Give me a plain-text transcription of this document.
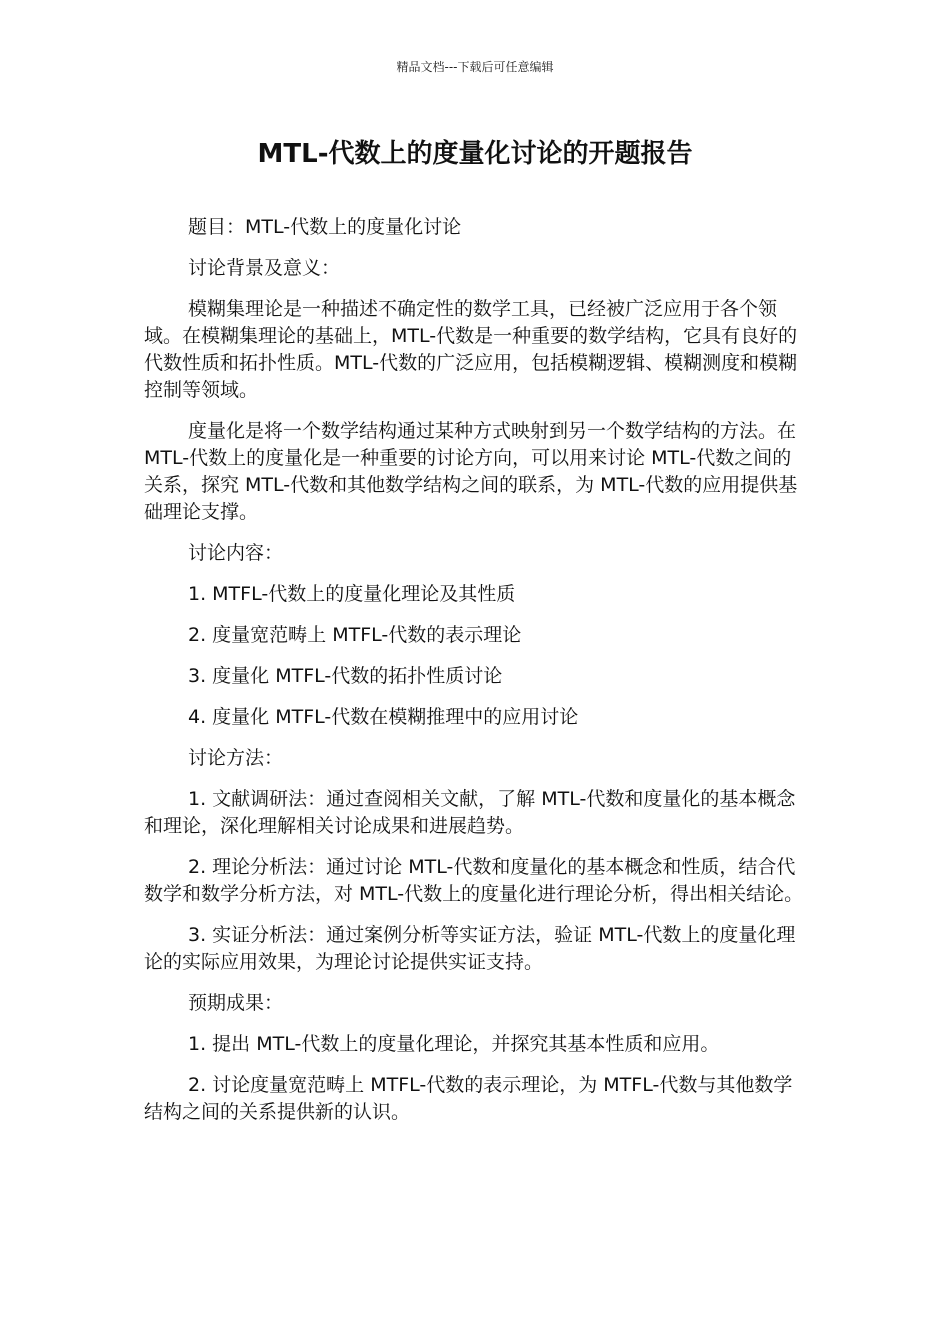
精品文档---下载后可任意编辑
MTL-代数上的度量化讨论的开题报告

题目：MTL-代数上的度量化讨论

讨论背景及意义：

模糊集理论是一种描述不确定性的数学工具，已经被广泛应用于各个领域。在模糊集理论的基础上，MTL-代数是一种重要的数学结构，它具有良好的代数性质和拓扑性质。MTL-代数的广泛应用，包括模糊逻辑、模糊测度和模糊控制等领域。

度量化是将一个数学结构通过某种方式映射到另一个数学结构的方法。在 MTL-代数上的度量化是一种重要的讨论方向，可以用来讨论 MTL-代数之间的关系，探究 MTL-代数和其他数学结构之间的联系，为 MTL-代数的应用提供基础理论支撑。

讨论内容：

1. MTFL-代数上的度量化理论及其性质

2. 度量宽范畴上 MTFL-代数的表示理论

3. 度量化 MTFL-代数的拓扑性质讨论

4. 度量化 MTFL-代数在模糊推理中的应用讨论

讨论方法：

1. 文献调研法：通过查阅相关文献，了解 MTL-代数和度量化的基本概念和理论，深化理解相关讨论成果和进展趋势。

2. 理论分析法：通过讨论 MTL-代数和度量化的基本概念和性质，结合代数学和数学分析方法，对 MTL-代数上的度量化进行理论分析，得出相关结论。

3. 实证分析法：通过案例分析等实证方法，验证 MTL-代数上的度量化理论的实际应用效果，为理论讨论提供实证支持。

预期成果：

1. 提出 MTL-代数上的度量化理论，并探究其基本性质和应用。

2. 讨论度量宽范畴上 MTFL-代数的表示理论，为 MTFL-代数与其他数学结构之间的关系提供新的认识。
